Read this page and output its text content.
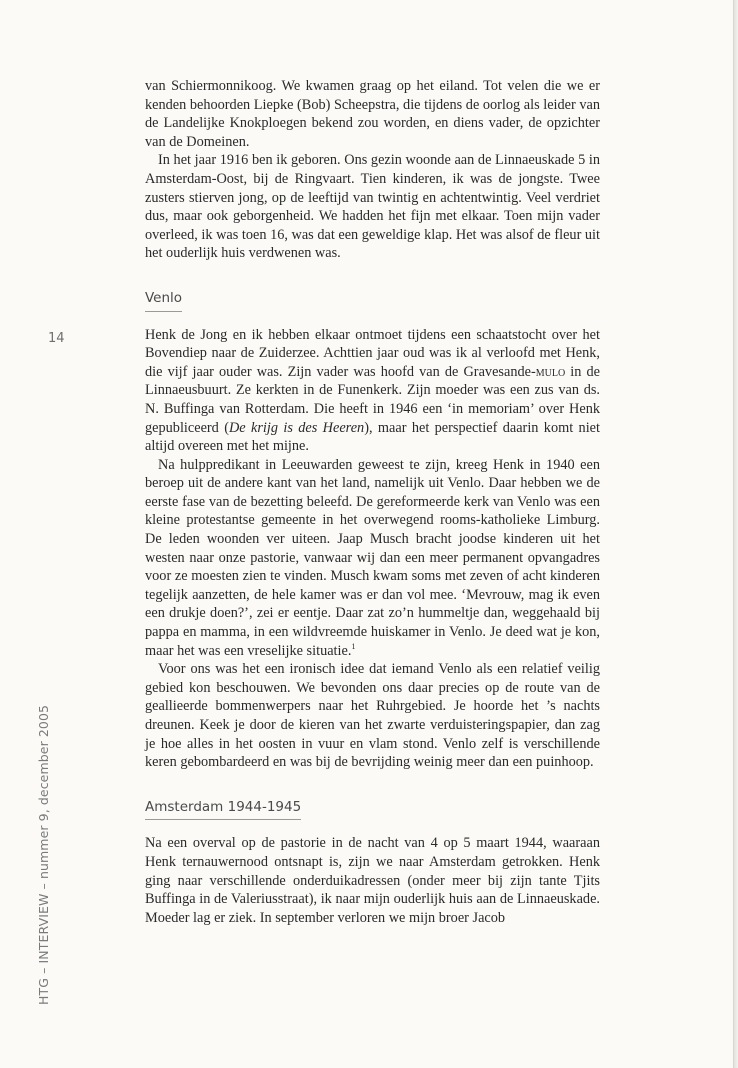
14
HTG – INTERVIEW – nummer 9, december 2005

van Schiermonnikoog. We kwamen graag op het eiland. Tot velen die we er kenden behoorden Liepke (Bob) Scheepstra, die tijdens de oorlog als leider van de Landelijke Knokploegen bekend zou worden, en diens vader, de opzichter van de Domeinen.

In het jaar 1916 ben ik geboren. Ons gezin woonde aan de Linnaeuskade 5 in Amsterdam-Oost, bij de Ringvaart. Tien kinderen, ik was de jongste. Twee zusters stierven jong, op de leeftijd van twintig en achtentwintig. Veel verdriet dus, maar ook geborgenheid. We hadden het fijn met elkaar. Toen mijn vader overleed, ik was toen 16, was dat een geweldige klap. Het was alsof de fleur uit het ouderlijk huis verdwenen was.

Venlo

Henk de Jong en ik hebben elkaar ontmoet tijdens een schaatstocht over het Bovendiep naar de Zuiderzee. Achttien jaar oud was ik al verloofd met Henk, die vijf jaar ouder was. Zijn vader was hoofd van de Gravesande-mulo in de Linnaeusbuurt. Ze kerkten in de Funenkerk. Zijn moeder was een zus van ds. N. Buffinga van Rotterdam. Die heeft in 1946 een ‘in memoriam’ over Henk gepubliceerd (De krijg is des Heeren), maar het perspectief daarin komt niet altijd overeen met het mijne.

Na hulppredikant in Leeuwarden geweest te zijn, kreeg Henk in 1940 een beroep uit de andere kant van het land, namelijk uit Venlo. Daar hebben we de eerste fase van de bezetting beleefd. De gereformeerde kerk van Venlo was een kleine protestantse gemeente in het overwegend rooms-katholieke Limburg. De leden woonden ver uiteen. Jaap Musch bracht joodse kinderen uit het westen naar onze pastorie, vanwaar wij dan een meer permanent opvangadres voor ze moesten zien te vinden. Musch kwam soms met zeven of acht kinderen tegelijk aanzetten, de hele kamer was er dan vol mee. ‘Mevrouw, mag ik even een drukje doen?’, zei er eentje. Daar zat zo’n hummeltje dan, weggehaald bij pappa en mamma, in een wildvreemde huiskamer in Venlo. Je deed wat je kon, maar het was een vreselijke situatie.$^1$

Voor ons was het een ironisch idee dat iemand Venlo als een relatief veilig gebied kon beschouwen. We bevonden ons daar precies op de route van de geallieerde bommenwerpers naar het Ruhrgebied. Je hoorde het ’s nachts dreunen. Keek je door de kieren van het zwarte verduisteringspapier, dan zag je hoe alles in het oosten in vuur en vlam stond. Venlo zelf is verschillende keren gebombardeerd en was bij de bevrijding weinig meer dan een puinhoop.

Amsterdam 1944-1945

Na een overval op de pastorie in de nacht van 4 op 5 maart 1944, waaraan Henk ternauwernood ontsnapt is, zijn we naar Amsterdam getrokken. Henk ging naar verschillende onderduikadressen (onder meer bij zijn tante Tjits Buffinga in de Valeriusstraat), ik naar mijn ouderlijk huis aan de Linnaeuskade. Moeder lag er ziek. In september verloren we mijn broer Jacob
